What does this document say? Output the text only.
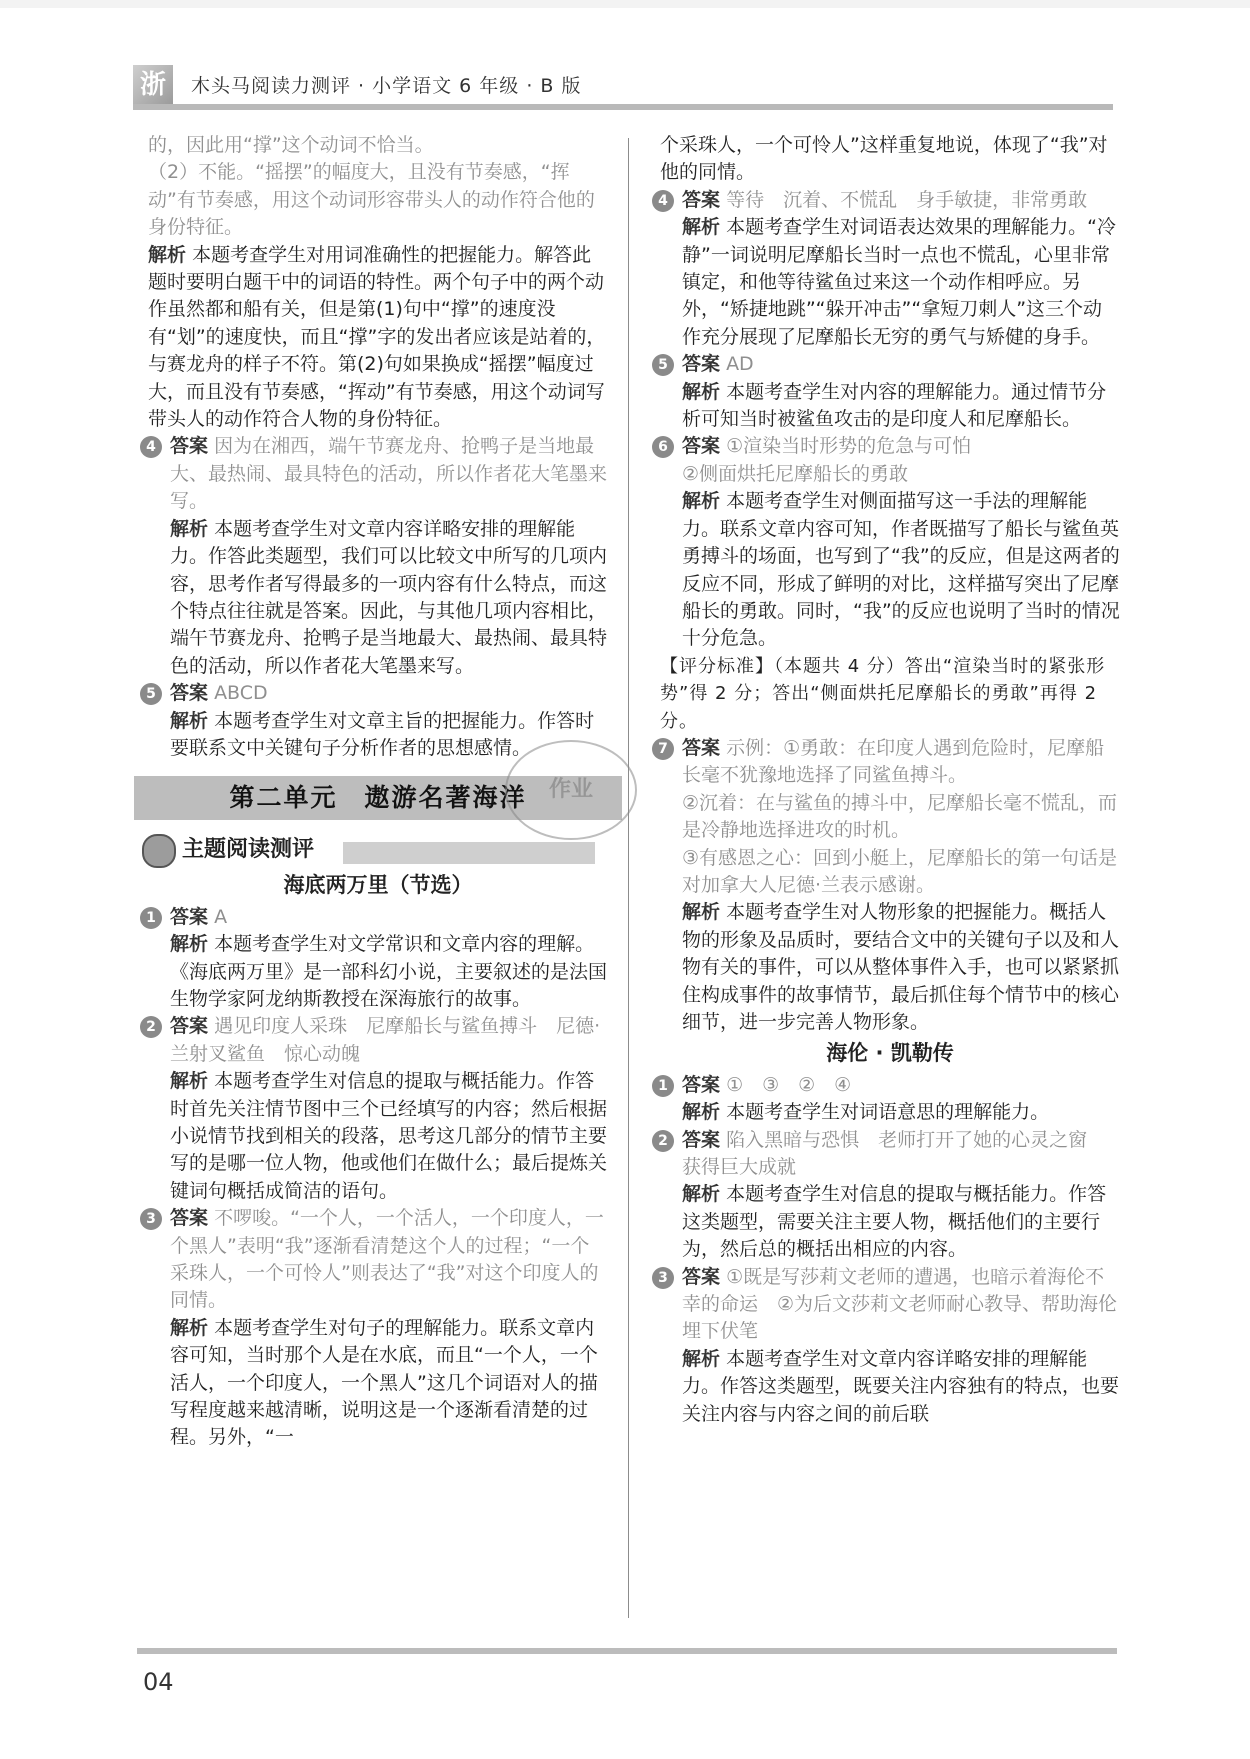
浙	木头马阅读力测评 · 小学语文 6 年级 · B 版

的，因此用“撑”这个动词不恰当。

（2）不能。“摇摆”的幅度大，且没有节奏感，“挥动”有节奏感，用这个动词形容带头人的动作符合他的身份特征。

解析 本题考查学生对用词准确性的把握能力。解答此题时要明白题干中的词语的特性。两个句子中的两个动作虽然都和船有关，但是第(1)句中“撑”的速度没有“划”的速度快，而且“撑”字的发出者应该是站着的，与赛龙舟的样子不符。第(2)句如果换成“摇摆”幅度过大，而且没有节奏感，“挥动”有节奏感，用这个动词写带头人的动作符合人物的身份特征。

4 答案 因为在湘西，端午节赛龙舟、抢鸭子是当地最大、最热闹、最具特色的活动，所以作者花大笔墨来写。

解析 本题考查学生对文章内容详略安排的理解能力。作答此类题型，我们可以比较文中所写的几项内容，思考作者写得最多的一项内容有什么特点，而这个特点往往就是答案。因此，与其他几项内容相比，端午节赛龙舟、抢鸭子是当地最大、最热闹、最具特色的活动，所以作者花大笔墨来写。

5 答案 ABCD

解析 本题考查学生对文章主旨的把握能力。作答时要联系文中关键句子分析作者的思想感情。

第二单元　遨游名著海洋
主题阅读测评

海底两万里（节选）

1 答案 A

解析 本题考查学生对文学常识和文章内容的理解。《海底两万里》是一部科幻小说，主要叙述的是法国生物学家阿龙纳斯教授在深海旅行的故事。

2 答案 遇见印度人采珠　尼摩船长与鲨鱼搏斗　尼德·兰射叉鲨鱼　惊心动魄

解析 本题考查学生对信息的提取与概括能力。作答时首先关注情节图中三个已经填写的内容；然后根据小说情节找到相关的段落，思考这几部分的情节主要写的是哪一位人物，他或他们在做什么；最后提炼关键词句概括成简洁的语句。

3 答案 不啰唆。“一个人，一个活人，一个印度人，一个黑人”表明“我”逐渐看清楚这个人的过程；“一个采珠人，一个可怜人”则表达了“我”对这个印度人的同情。

解析 本题考查学生对句子的理解能力。联系文章内容可知，当时那个人是在水底，而且“一个人，一个活人，一个印度人，一个黑人”这几个词语对人的描写程度越来越清晰，说明这是一个逐渐看清楚的过程。另外，“一

作业

个采珠人，一个可怜人”这样重复地说，体现了“我”对他的同情。

4 答案 等待　沉着、不慌乱　身手敏捷，非常勇敢

解析 本题考查学生对词语表达效果的理解能力。“冷静”一词说明尼摩船长当时一点也不慌乱，心里非常镇定，和他等待鲨鱼过来这一个动作相呼应。另外，“矫捷地跳”“躲开冲击”“拿短刀刺人”这三个动作充分展现了尼摩船长无穷的勇气与矫健的身手。

5 答案 AD

解析 本题考查学生对内容的理解能力。通过情节分析可知当时被鲨鱼攻击的是印度人和尼摩船长。

6 答案 ①渲染当时形势的危急与可怕

②侧面烘托尼摩船长的勇敢

解析 本题考查学生对侧面描写这一手法的理解能力。联系文章内容可知，作者既描写了船长与鲨鱼英勇搏斗的场面，也写到了“我”的反应，但是这两者的反应不同，形成了鲜明的对比，这样描写突出了尼摩船长的勇敢。同时，“我”的反应也说明了当时的情况十分危急。

【评分标准】（本题共 4 分）答出“渲染当时的紧张形势”得 2 分；答出“侧面烘托尼摩船长的勇敢”再得 2 分。

7 答案 示例：①勇敢：在印度人遇到危险时，尼摩船长毫不犹豫地选择了同鲨鱼搏斗。

②沉着：在与鲨鱼的搏斗中，尼摩船长毫不慌乱，而是冷静地选择进攻的时机。

③有感恩之心：回到小艇上，尼摩船长的第一句话是对加拿大人尼德·兰表示感谢。

解析 本题考查学生对人物形象的把握能力。概括人物的形象及品质时，要结合文中的关键句子以及和人物有关的事件，可以从整体事件入手，也可以紧紧抓住构成事件的故事情节，最后抓住每个情节中的核心细节，进一步完善人物形象。

海伦 · 凯勒传

1 答案 ①　③　②　④

解析 本题考查学生对词语意思的理解能力。

2 答案 陷入黑暗与恐惧　老师打开了她的心灵之窗　获得巨大成就

解析 本题考查学生对信息的提取与概括能力。作答这类题型，需要关注主要人物，概括他们的主要行为，然后总的概括出相应的内容。

3 答案 ①既是写莎莉文老师的遭遇，也暗示着海伦不幸的命运　②为后文莎莉文老师耐心教导、帮助海伦埋下伏笔

解析 本题考查学生对文章内容详略安排的理解能力。作答这类题型，既要关注内容独有的特点，也要关注内容与内容之间的前后联

04
